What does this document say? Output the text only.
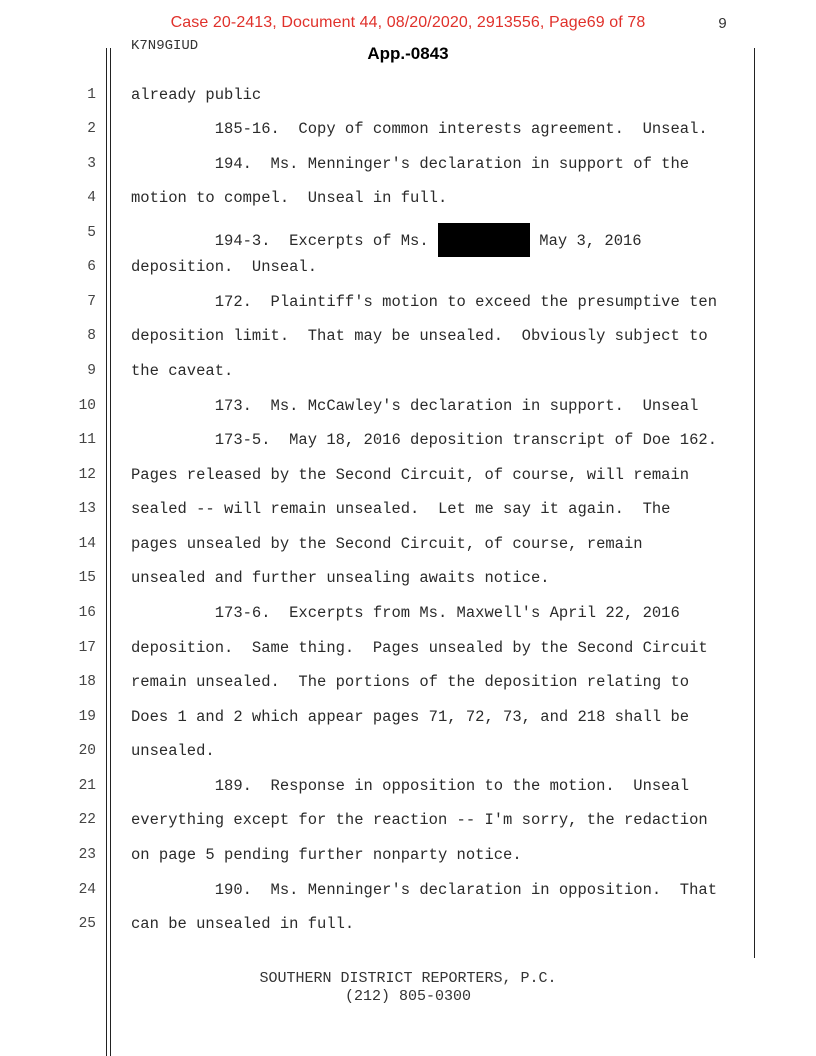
Case 20-2413, Document 44, 08/20/2020, 2913556, Page69 of 78	9
K7N9GIUD	App.-0843
1 already public
2 185-16.  Copy of common interests agreement.  Unseal.
3 194.  Ms. Menninger's declaration in support of the
4 motion to compel.  Unseal in full.
5 194-3.  Excerpts of Ms.	May 3, 2016
6 deposition.  Unseal.
7 172.  Plaintiff's motion to exceed the presumptive ten
8 deposition limit.  That may be unsealed.  Obviously subject to
9 the caveat.
10 173.  Ms. McCawley's declaration in support.  Unseal
11 173-5.  May 18, 2016 deposition transcript of Doe 162.
12 Pages released by the Second Circuit, of course, will remain
13 sealed -- will remain unsealed.  Let me say it again.  The
14 pages unsealed by the Second Circuit, of course, remain
15 unsealed and further unsealing awaits notice.
16 173-6.  Excerpts from Ms. Maxwell's April 22, 2016
17 deposition.  Same thing.  Pages unsealed by the Second Circuit
18 remain unsealed.  The portions of the deposition relating to
19 Does 1 and 2 which appear pages 71, 72, 73, and 218 shall be
20 unsealed.
21 189.  Response in opposition to the motion.  Unseal
22 everything except for the reaction -- I'm sorry, the redaction
23 on page 5 pending further nonparty notice.
24 190.  Ms. Menninger's declaration in opposition.  That
25 can be unsealed in full.
SOUTHERN DISTRICT REPORTERS, P.C.
(212) 805-0300
